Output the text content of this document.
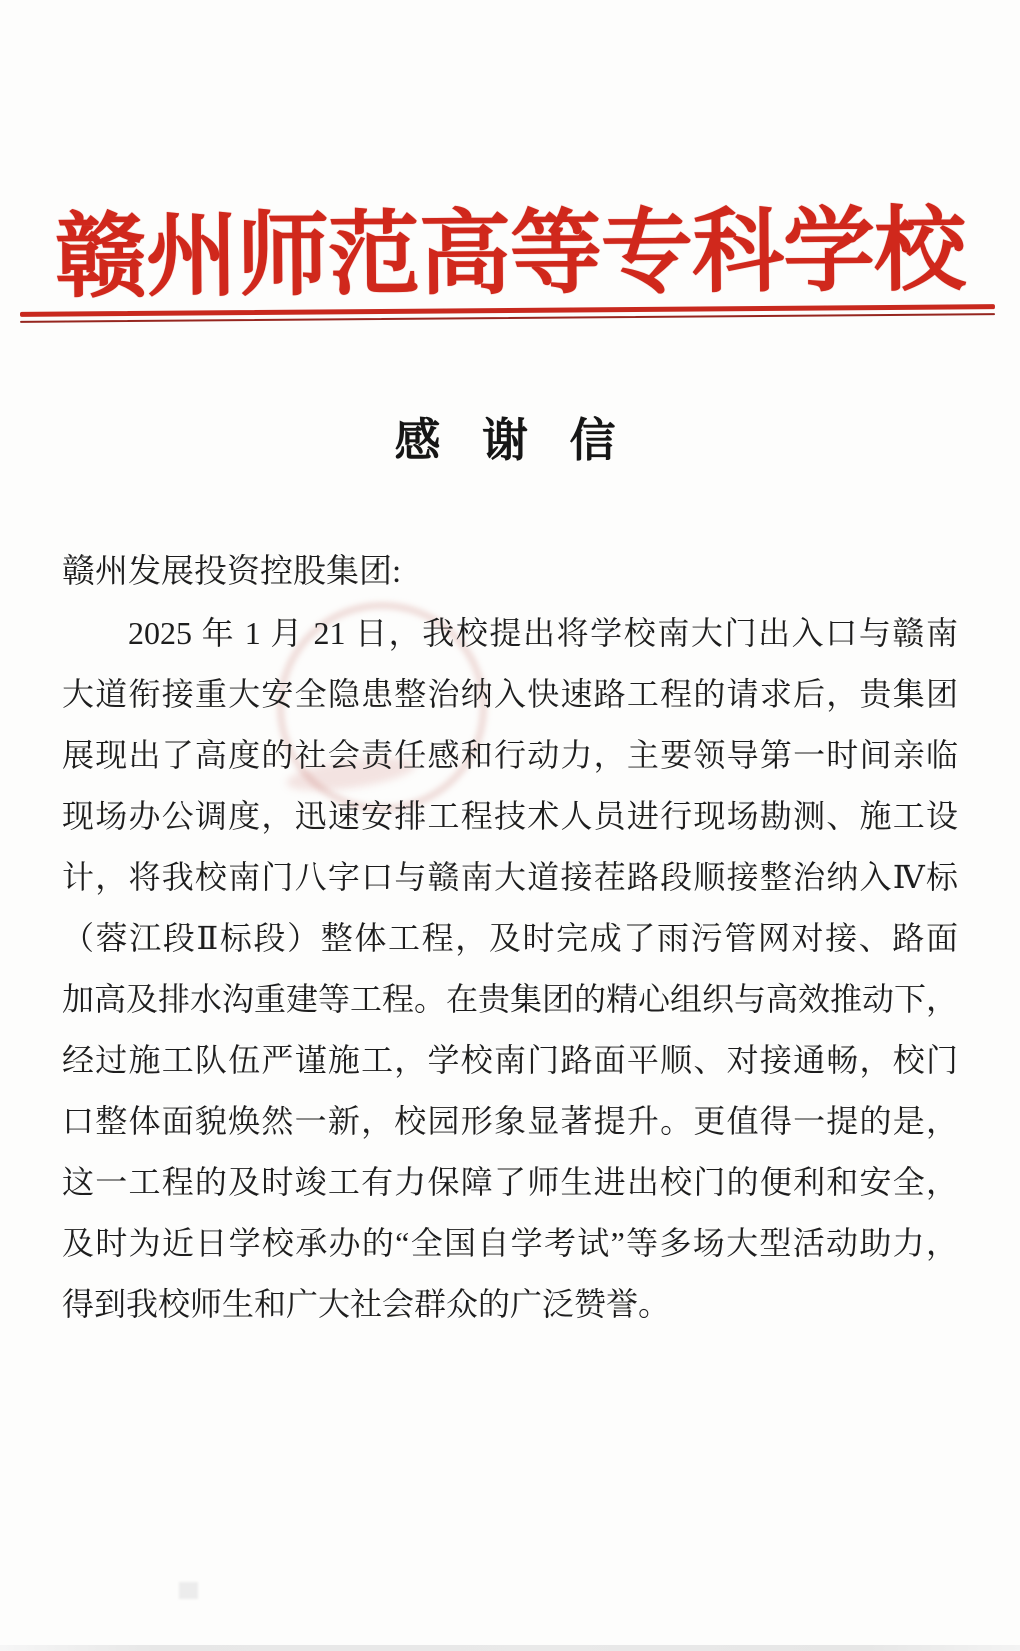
赣州师范高等专科学校
感 谢 信
赣州发展投资控股集团:
2025 年 1 月 21 日，我校提出将学校南大门出入口与赣南
大道衔接重大安全隐患整治纳入快速路工程的请求后，贵集团
展现出了高度的社会责任感和行动力，主要领导第一时间亲临
现场办公调度，迅速安排工程技术人员进行现场勘测、施工设
计，将我校南门八字口与赣南大道接茬路段顺接整治纳入Ⅳ标
（蓉江段Ⅱ标段）整体工程，及时完成了雨污管网对接、路面
加高及排水沟重建等工程。在贵集团的精心组织与高效推动下，
经过施工队伍严谨施工，学校南门路面平顺、对接通畅，校门
口整体面貌焕然一新，校园形象显著提升。更值得一提的是，
这一工程的及时竣工有力保障了师生进出校门的便利和安全，
及时为近日学校承办的“全国自学考试”等多场大型活动助力，
得到我校师生和广大社会群众的广泛赞誉。
